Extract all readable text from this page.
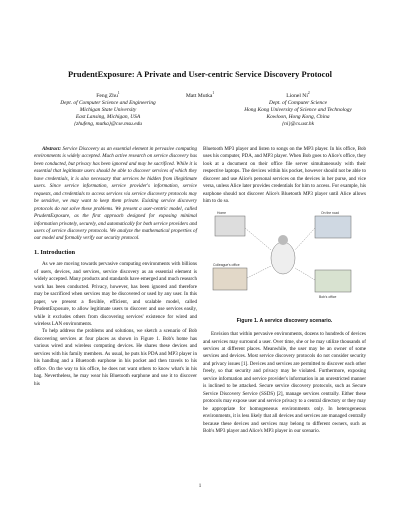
PrudentExposure: A Private and User-centric Service Discovery Protocol
Feng Zhu$^1$
Dept. of Computer Science and Engineering
Michigan State University
East Lansing, Michigan, USA
{zhufeng, mutka}@cse.msu.edu
Matt Mutka$^1$	Lionel Ni$^2$
Dept. of Computer Science
Hong Kong University of Science and Technology
Kowloon, Hong Kong, China
{ni}@cs.ust.hk

Abstract: Service Discovery as an essential element in pervasive computing environments is widely accepted. Much active research on service discovery has been conducted, but privacy has been ignored and may be sacrificed. While it is essential that legitimate users should be able to discover services of which they have credentials, it is also necessary that services be hidden from illegitimate users. Since service information, service provider's information, service requests, and credentials to access services via service discovery protocols may be sensitive, we may want to keep them private. Existing service discovery protocols do not solve these problems. We present a user-centric model, called PrudentExposure, as the first approach designed for exposing minimal information privately, securely, and automatically for both service providers and users of service discovery protocols. We analyze the mathematical properties of our model and formally verify our security protocol.

1. Introduction

As we are moving towards pervasive computing environments with billions of users, devices, and services, service discovery as an essential element is widely accepted. Many products and standards have emerged and much research work has been conducted. Privacy, however, has been ignored and therefore may be sacrificed when services may be discovered or used by any user. In this paper, we present a flexible, efficient, and scalable model, called PrudentExposure, to allow legitimate users to discover and use services easily, while it excludes others from discovering services' existence for wired and wireless LAN environments.

To help address the problems and solutions, we sketch a scenario of Bob discovering services at four places as shown in Figure 1. Bob's home has various wired and wireless computing devices. He shares these devices and services with his family members. As usual, he puts his PDA and MP3 player in his handbag and a Bluetooth earphone in his pocket and then travels to his office. On the way to his office, he does not want others to know what's in his bag. Nevertheless, he may wear his Bluetooth earphone and use it to discover his

Bluetooth MP3 player and listen to songs on the MP3 player. In his office, Bob uses his computer, PDA, and MP3 player. When Bob goes to Alice's office, they look at a document on their office file server simultaneously with their respective laptops. The devices within his pocket, however should not be able to discover and use Alice's personal services on the devices in her purse, and vice versa, unless Alice later provides credentials for him to access. For example, his earphone should not discover Alice's Bluetooth MP3 player until Alice allows him to do so.

Home	On the road
Colleague's office
Bob's office
Figure 1. A service discovery scenario.

Envision that within pervasive environments, dozens to hundreds of devices and services may surround a user. Over time, she or he may utilize thousands of services at different places. Meanwhile, the user may be an owner of some services and devices. Most service discovery protocols do not consider security and privacy issues [1]. Devices and services are permitted to discover each other freely, so that security and privacy may be violated. Furthermore, exposing service information and service provider's information in an unrestricted manner is inclined to be attacked. Secure service discovery protocols, such as Secure Service Discovery Service (SSDS) [2], manage services centrally. Either these protocols may expose user and service privacy to a central directory or they may be appropriate for homogeneous environments only. In heterogeneous environments, it is less likely that all devices and services are managed centrally because these devices and services may belong to different owners, such as Bob's MP3 player and Alice's MP3 player in our scenario.

1
